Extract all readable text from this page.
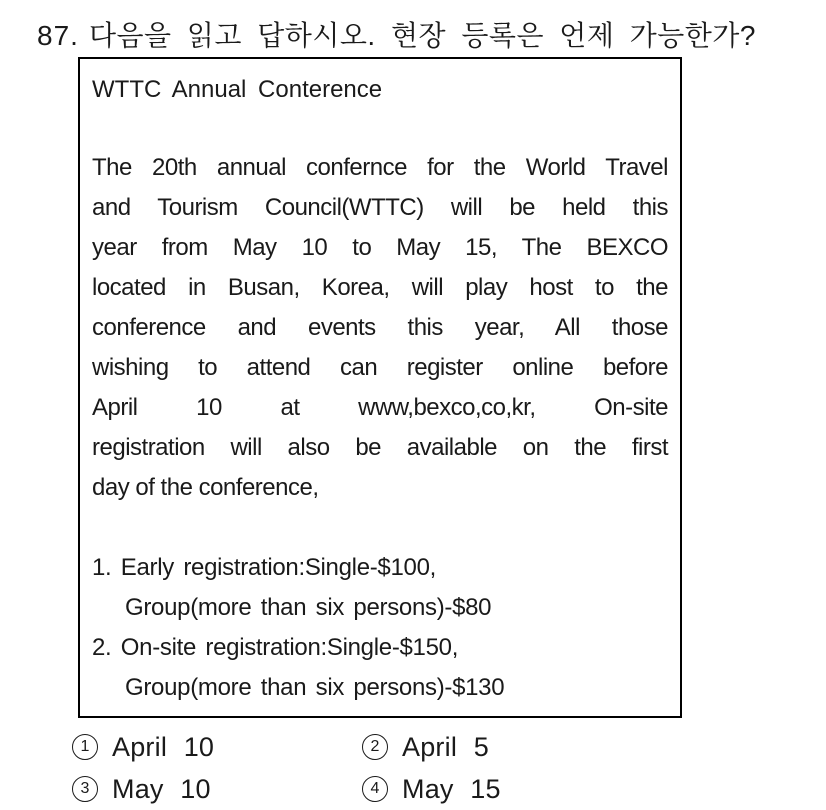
87. 다음을 읽고 답하시오. 현장 등록은 언제 가능한가?
WTTC Annual Conterence
The 20th annual confernce for the World Travel
and Tourism Council(WTTC) will be held this
year from May 10 to May 15, The BEXCO
located in Busan, Korea, will play host to the
conference and events this year, All those
wishing to attend can register online before
April 10 at www,bexco,co,kr, On-site
registration will also be available on the first
day of the conference,
1. Early registration:Single-$100,
Group(more than six persons)-$80
2. On-site registration:Single-$150,
Group(more than six persons)-$130
1 April 10	2 April 5
3 May 10	4 May 15
